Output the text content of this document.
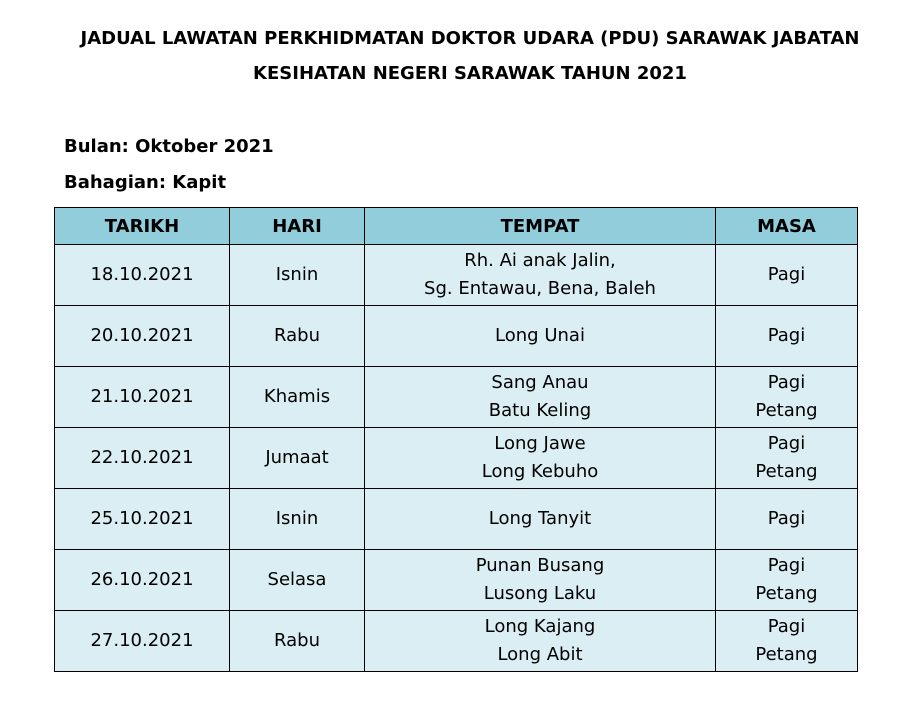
JADUAL LAWATAN PERKHIDMATAN DOKTOR UDARA (PDU) SARAWAK JABATAN
KESIHATAN NEGERI SARAWAK TAHUN 2021
Bulan: Oktober 2021
Bahagian: Kapit
TARIKH	HARI	TEMPAT	MASA
18.10.2021	Isnin	Rh. Ai anak Jalin,
Sg. Entawau, Bena, Baleh	Pagi

20.10.2021	Rabu	Long Unai	Pagi

21.10.2021	Khamis	Sang Anau
Batu Keling	Pagi
Petang

22.10.2021	Jumaat	Long Jawe
Long Kebuho	Pagi
Petang

25.10.2021	Isnin	Long Tanyit	Pagi

26.10.2021	Selasa	Punan Busang
Lusong Laku	Pagi
Petang

27.10.2021	Rabu	Long Kajang
Long Abit	Pagi
Petang
